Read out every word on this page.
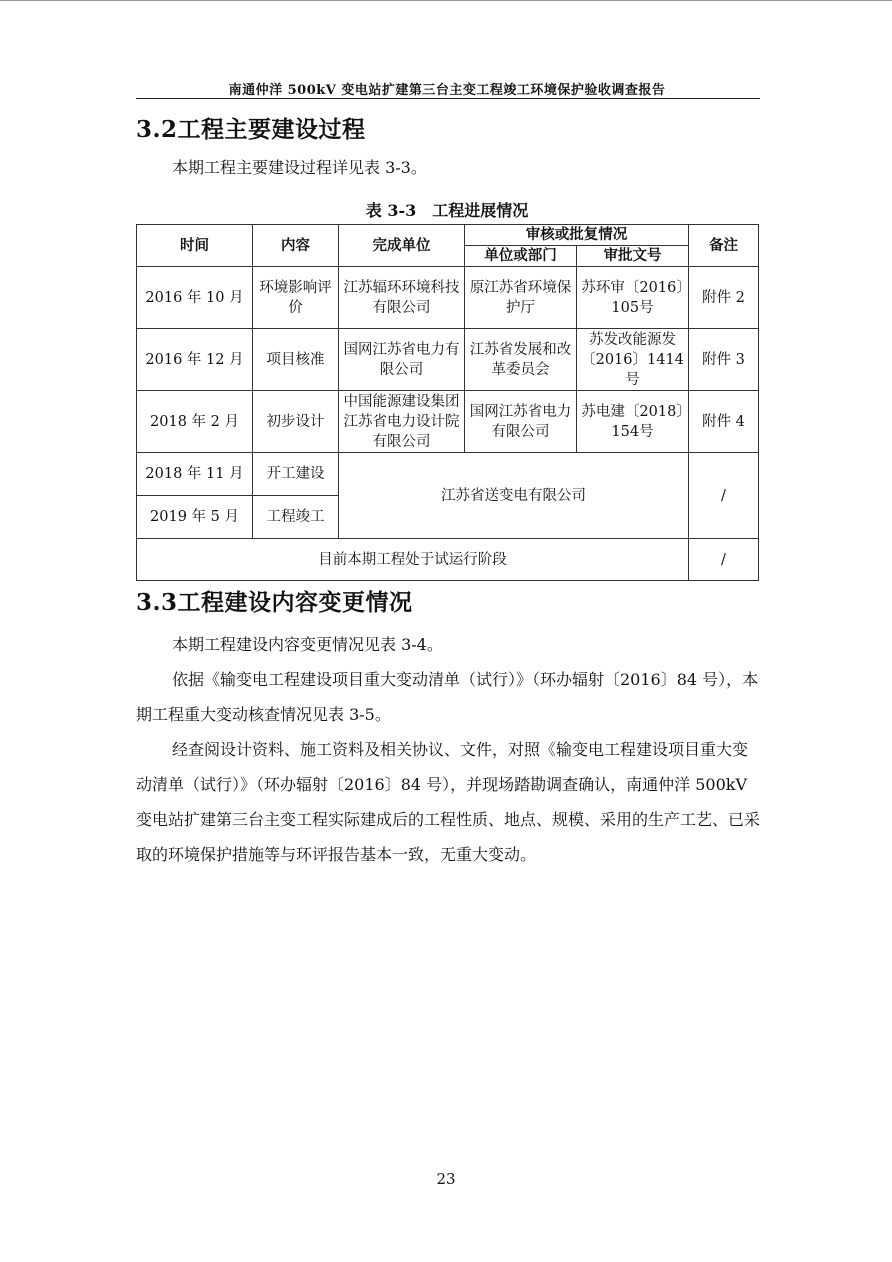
南通仲洋 500kV 变电站扩建第三台主变工程竣工环境保护验收调查报告
3.2工程主要建设过程
本期工程主要建设过程详见表 3-3。
表 3-3　工程进展情况
时间	内容	完成单位	审核或批复情况		备注
			单位或部门	审批文号	
2016 年 10 月	环境影响评价	江苏辐环环境科技有限公司	原江苏省环境保护厅	苏环审〔2016〕105号	附件 2
2016 年 12 月	项目核准	国网江苏省电力有限公司	江苏省发展和改革委员会	苏发改能源发〔2016〕1414号	附件 3
2018 年 2 月	初步设计	中国能源建设集团江苏省电力设计院有限公司	国网江苏省电力有限公司	苏电建〔2018〕154号	附件 4
2018 年 11 月	开工建设	江苏省送变电有限公司			/
2019 年 5 月	工程竣工				
目前本期工程处于试运行阶段					/
3.3工程建设内容变更情况
本期工程建设内容变更情况见表 3-4。
依据《输变电工程建设项目重大变动清单（试行）》（环办辐射〔2016〕84 号），本期工程重大变动核查情况见表 3-5。
经查阅设计资料、施工资料及相关协议、文件，对照《输变电工程建设项目重大变动清单（试行）》（环办辐射〔2016〕84 号），并现场踏勘调查确认，南通仲洋 500kV 变电站扩建第三台主变工程实际建成后的工程性质、地点、规模、采用的生产工艺、已采取的环境保护措施等与环评报告基本一致，无重大变动。
23
